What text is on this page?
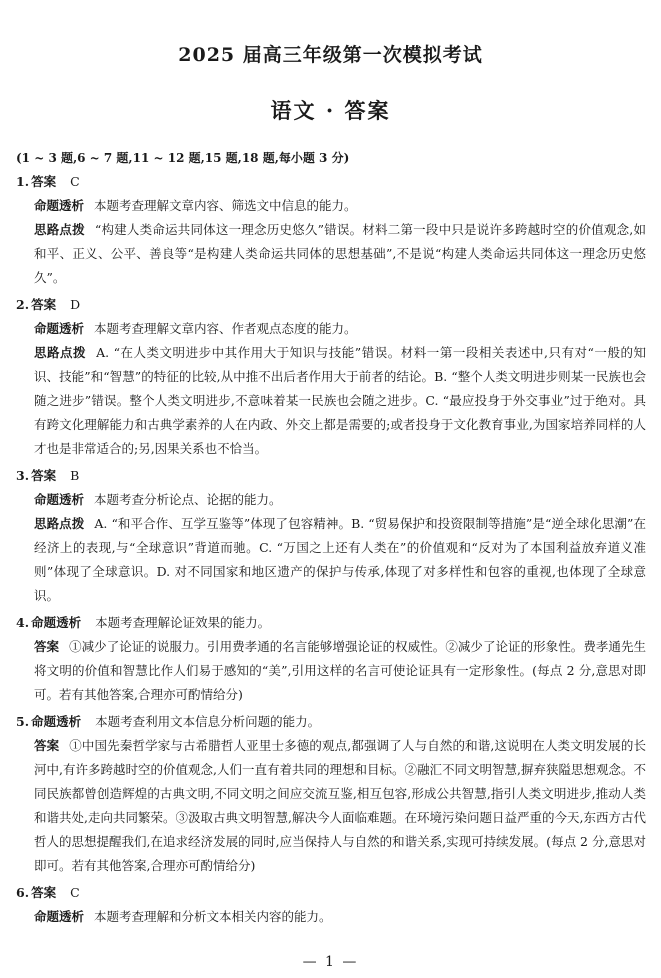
2025 届高三年级第一次模拟考试
语文 · 答案
(1 ~ 3 题,6 ~ 7 题,11 ~ 12 题,15 题,18 题,每小题 3 分)
1. 答案 C
命题透析 本题考查理解文章内容、筛选文中信息的能力。
思路点拨 “构建人类命运共同体这一理念历史悠久”错误。材料二第一段中只是说许多跨越时空的价值观念,如和平、正义、公平、善良等“是构建人类命运共同体的思想基础”,不是说“构建人类命运共同体这一理念历史悠久”。
2. 答案 D
命题透析 本题考查理解文章内容、作者观点态度的能力。
思路点拨 A. “在人类文明进步中其作用大于知识与技能”错误。材料一第一段相关表述中,只有对“一般的知识、技能”和“智慧”的特征的比较,从中推不出后者作用大于前者的结论。B. “整个人类文明进步则某一民族也会随之进步”错误。整个人类文明进步,不意味着某一民族也会随之进步。C. “最应投身于外交事业”过于绝对。具有跨文化理解能力和古典学素养的人在内政、外交上都是需要的;或者投身于文化教育事业,为国家培养同样的人才也是非常适合的;另,因果关系也不恰当。
3. 答案 B
命题透析 本题考查分析论点、论据的能力。
思路点拨 A. “和平合作、互学互鉴等”体现了包容精神。B. “贸易保护和投资限制等措施”是“逆全球化思潮”在经济上的表现,与“全球意识”背道而驰。C. “万国之上还有人类在”的价值观和“反对为了本国利益放弃道义准则”体现了全球意识。D. 对不同国家和地区遗产的保护与传承,体现了对多样性和包容的重视,也体现了全球意识。
4. 命题透析 本题考查理解论证效果的能力。
答案 ①减少了论证的说服力。引用费孝通的名言能够增强论证的权威性。②减少了论证的形象性。费孝通先生将文明的价值和智慧比作人们易于感知的“美”,引用这样的名言可使论证具有一定形象性。(每点 2 分,意思对即可。若有其他答案,合理亦可酌情给分)
5. 命题透析 本题考查利用文本信息分析问题的能力。
答案 ①中国先秦哲学家与古希腊哲人亚里士多德的观点,都强调了人与自然的和谐,这说明在人类文明发展的长河中,有许多跨越时空的价值观念,人们一直有着共同的理想和目标。②融汇不同文明智慧,摒弃狭隘思想观念。不同民族都曾创造辉煌的古典文明,不同文明之间应交流互鉴,相互包容,形成公共智慧,指引人类文明进步,推动人类和谐共处,走向共同繁荣。③汲取古典文明智慧,解决今人面临难题。在环境污染问题日益严重的今天,东西方古代哲人的思想提醒我们,在追求经济发展的同时,应当保持人与自然的和谐关系,实现可持续发展。(每点 2 分,意思对即可。若有其他答案,合理亦可酌情给分)
6. 答案 C
命题透析 本题考查理解和分析文本相关内容的能力。
— 1 —
